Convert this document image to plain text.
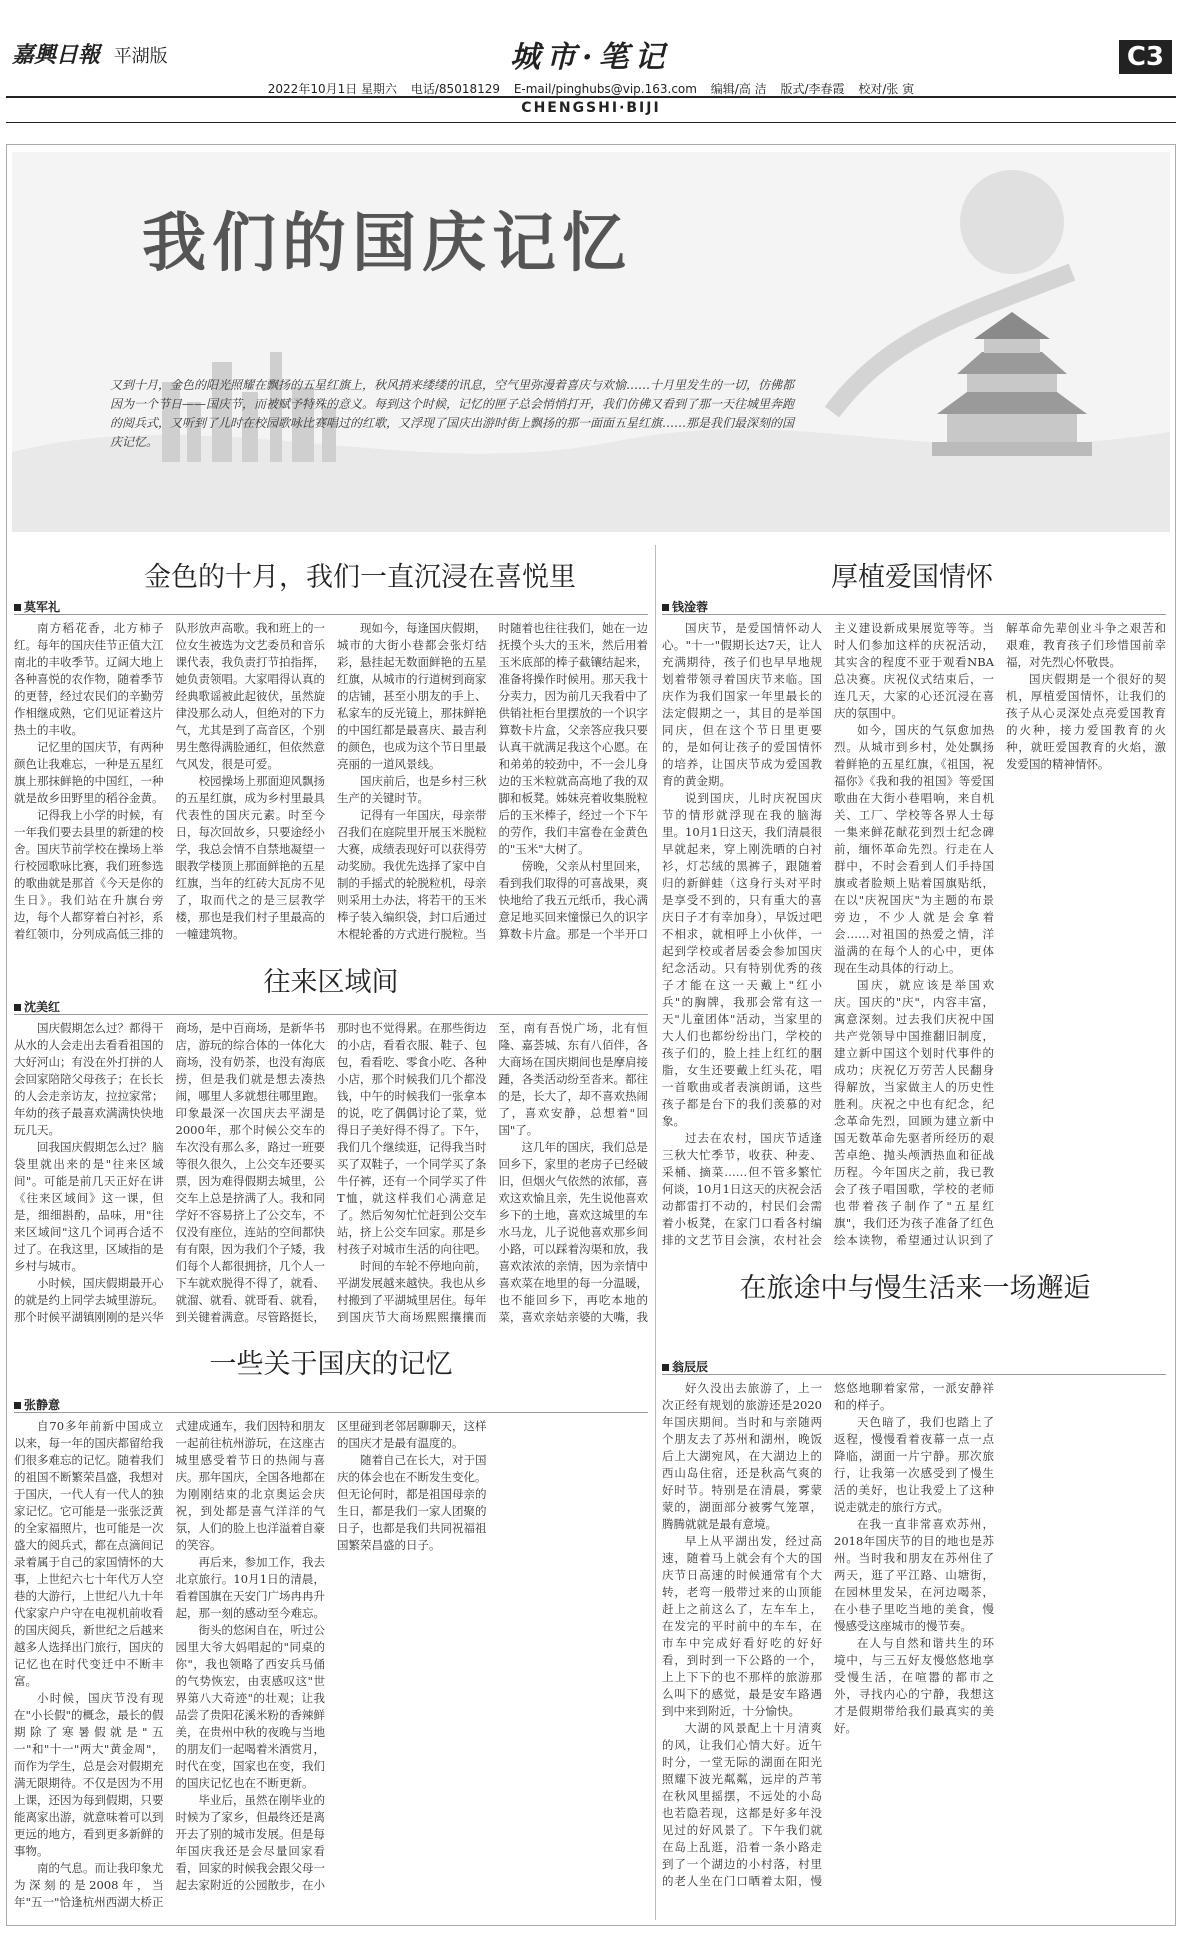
嘉興日報 平湖版	城市·笔记	C3
2022年10月1日 星期六 电话/85018129 E-mail/pinghubs@vip.163.com 编辑/高 洁 版式/李春霞 校对/张 寅
CHENGSHI·BIJI
我们的国庆记忆
又到十月，金色的阳光照耀在飘扬的五星红旗上，秋风捎来缕缕的讯息，空气里弥漫着喜庆与欢愉……十月里发生的一切，仿佛都因为一个节日——国庆节，而被赋予特殊的意义。每到这个时候，记忆的匣子总会悄悄打开，我们仿佛又看到了那一天往城里奔跑的阅兵式，又听到了儿时在校园歌咏比赛唱过的红歌，又浮现了国庆出游时街上飘扬的那一面面五星红旗……那是我们最深刻的国庆记忆。
金色的十月，我们一直沉浸在喜悦里
莫军礼

南方稻花香，北方柿子红。每年的国庆佳节正值大江南北的丰收季节。辽阔大地上各种喜悦的农作物，随着季节的更替，经过农民们的辛勤劳作相继成熟，它们见证着这片热土的丰收。

记忆里的国庆节，有两种颜色让我难忘，一种是五星红旗上那抹鲜艳的中国红，一种就是故乡田野里的稻谷金黄。

记得我上小学的时候，有一年我们要去县里的新建的校舍。国庆节前学校在操场上举行校园歌咏比赛，我们班参选的歌曲就是那首《今天是你的生日》。我们站在升旗台旁边，每个人都穿着白衬衫，系着红领巾，分列成高低三排的队形放声高歌。我和班上的一位女生被选为文艺委员和音乐课代表，我负责打节拍指挥，她负责领唱。大家唱得认真的经典歌谣被此起彼伏，虽然旋律没那么动人，但绝对的下力气，尤其是到了高音区，个别男生憋得满脸通红，但依然意气风发，很是可爱。

校园操场上那面迎风飘扬的五星红旗，成为乡村里最具代表性的国庆元素。时至今日，每次回故乡，只要途经小学，我总会情不自禁地凝望一眼教学楼顶上那面鲜艳的五星红旗，当年的红砖大瓦房不见了，取而代之的是三层教学楼，那也是我们村子里最高的一幢建筑物。

现如今，每逢国庆假期，城市的大街小巷都会张灯结彩，悬挂起无数面鲜艳的五星红旗，从城市的行道树到商家的店铺，甚至小朋友的手上、私家车的反光镜上，那抹鲜艳的中国红都是最喜庆、最吉利的颜色，也成为这个节日里最亮丽的一道风景线。

国庆前后，也是乡村三秋生产的关键时节。

记得有一年国庆，母亲带召我们在庭院里开展玉米脱粒大赛，成绩表现好可以获得劳动奖励。我优先选择了家中自制的手摇式的轮脱粒机，母亲则采用土办法，将若干的玉米棒子装入编织袋，封口后通过木棍轮番的方式进行脱粒。当时随着也往往我们，她在一边抚摸个头大的玉米，然后用着玉米底部的棒子截镶结起来，准备将操作时候用。那天我十分卖力，因为前几天我看中了供销社柜台里摆放的一个识字算数卡片盒，父亲答应我只要认真干就满足我这个心愿。在和弟弟的较劲中，不一会儿身边的玉米粒就高高地了我的双脚和板凳。姊妹亮着收集脱粒后的玉米棒子，经过一个下午的劳作，我们丰富卷在金黄色的"玉米"大树了。

傍晚，父亲从村里回来，看到我们取得的可喜战果，爽快地给了我五元纸币，我心满意足地买回来憧憬已久的识字算数卡片盒。那是一个半开口

厚植爱国情怀
钱淦蓉

国庆节，是爱国情怀动人心。"十一"假期长达7天，让人充满期待，孩子们也早早地规划着带领寻着国庆节来临。国庆作为我们国家一年里最长的法定假期之一，其目的是举国同庆，但在这个节日里更要的，是如何让孩子的爱国情怀的培养，让国庆节成为爱国教育的黄金期。

说到国庆，儿时庆祝国庆节的情形就浮现在我的脑海里。10月1日这天，我们清晨很早就起来，穿上刚洗晒的白衬衫，灯芯绒的黑裤子，跟随着归的新鲜蛙（这身行头对平时是享受不到的，只有重大的喜庆日子才有幸加身），早饭过吧不相求，就相呼上小伙伴，一起到学校或者居委会参加国庆纪念活动。只有特别优秀的孩子才能在这一天戴上"红小兵"的胸牌，我那会常有这一天"儿童团体"活动，当家里的大人们也都纷纷出门，学校的孩子们的，脸上挂上红红的胭脂，女生还要戴上红头花，唱一首歌曲或者表演朗诵，这些孩子都是台下的我们羡慕的对象。

过去在农村，国庆节适逢三秋大忙季节，收获、种麦、采桶、摘菜……但不管多繁忙何谈，10月1日这天的庆祝会活动都雷打不动的，村民们会需着小板凳，在家门口看各村编排的文艺节目会演，农村社会主义建设新成果展览等等。当时人们参加这样的庆祝活动，其实含的程度不亚于观看NBA总决赛。庆祝仪式结束后，一连几天，大家的心还沉浸在喜庆的氛围中。

如今，国庆的气氛愈加热烈。从城市到乡村，处处飘扬着鲜艳的五星红旗，《祖国，祝福你》《我和我的祖国》等爱国歌曲在大街小巷唱响，来自机关、工厂、学校等各界人士每一集来鲜花献花到烈士纪念碑前，缅怀革命先烈。行走在人群中，不时会看到人们手持国旗或者脸颊上贴着国旗贴纸，在以"庆祝国庆"为主题的布景旁边，不少人就是会拿着会……对祖国的热爱之情，洋溢满的在每个人的心中，更体现在生动具体的行动上。

国庆，就应该是举国欢庆。国庆的"庆"，内容丰富，寓意深刻。过去我们庆祝中国共产党领导中国推翻旧制度，建立新中国这个划时代事件的成功；庆祝亿万劳苦人民翻身得解放，当家做主人的历史性胜利。庆祝之中也有纪念，纪念革命先烈，回顾为建立新中国无数革命先驱者所经历的艰苦卓绝、抛头颅洒热血和征战历程。今年国庆之前，我已教会了孩子唱国歌，学校的老师也带着孩子制作了"五星红旗"，我们还为孩子准备了红色绘本读物，希望通过认识到了解革命先辈创业斗争之艰苦和艰难，教育孩子们珍惜国前幸福，对先烈心怀敬畏。

国庆假期是一个很好的契机，厚植爱国情怀，让我们的孩子从心灵深处点亮爱国教育的火种，接力爱国教育的火种，就旺爱国教育的火焰，激发爱国的精神情怀。

往来区域间
沈美红

国庆假期怎么过？都得干从水的人会走出去看看祖国的大好河山；有没在外打拼的人会回家陪陪父母孩子；在长长的人会走亲访友，拉拉家常；年幼的孩子最喜欢满满快快地玩几天。

回我国庆假期怎么过？脑袋里就出来的是"往来区域间"。可能是前几天正好在讲《往来区域间》这一课，但是，细细斟酌，品味，用"往来区域间"这几个词再合适不过了。在我这里，区域指的是乡村与城市。

小时候，国庆假期最开心的就是约上同学去城里游玩。那个时候平湖镇刚刚的是兴华商场，是中百商场，是新华书店，游玩的综合体的一体化大商场，没有奶茶，也没有海底捞，但是我们就是想去凑热闹，哪里人多就想往哪里跑。印象最深一次国庆去平湖是2000年，那个时候公交车的车次没有那么多，路过一班要等很久很久，上公交车还要买票，因为难得假期去城里，公交车上总是挤满了人。我和同学好不容易挤上了公交车，不仅没有座位，连站的空间都快有有限，因为我们个子矮，我们每个人都很拥挤，几个人一下车就欢脱得不得了，就看、就溜、就看、就哥看、就看，到关键着满意。尽管路挺长，那时也不觉得累。在那些街边的小店，看看衣服、鞋子、包包，看看吃、零食小吃、各种小店，那个时候我们几个都没钱，中午的时候我们一张拿本的说，吃了偶偶讨论了菜，觉得日子美好得不得了。下午，我们几个继续逛，记得我当时买了双鞋子，一个同学买了条牛仔裤，还有一个同学买了件T恤，就这样我们心满意足了。然后匆匆忙忙赶到公交车站，挤上公交车回家。那是乡村孩子对城市生活的向往吧。

时间的车轮不停地向前，平湖发展越来越快。我也从乡村搬到了平湖城里居住。每年到国庆节大商场熙熙攘攘而至，南有吾悦广场，北有恒隆、嘉荟城、东有八佰伴，各大商场在国庆期间也是摩肩接踵，各类活动纷至沓来。都往的是，长大了，却不喜欢热闹了，喜欢安静，总想着"回国"了。

这几年的国庆，我们总是回乡下，家里的老房子已经破旧，但烟火气依然的浓郁，喜欢这欢愉且亲，先生说他喜欢乡下的土地，喜欢这城里的车水马龙，儿子说他喜欢那乡间小路，可以踩着沟渠和放，我喜欢浓浓的亲情，因为亲情中喜欢菜在地里的每一分温暖，也不能回乡下，再吃本地的菜，喜欢亲姑亲婆的大嘴，我

在旅途中与慢生活来一场邂逅
翁辰辰

好久没出去旅游了，上一次正经有规划的旅游还是2020年国庆期间。当时和与亲随两个朋友去了苏州和湖州，晚饭后上大湖宛风，在大湖边上的西山岛住宿，还是秋高气爽的好时节。特别是在清晨，雾蒙蒙的，湖面部分被雾气笼罩，腾腾就就是最有意境。

早上从平湖出发，经过高速，随着马上就会有个大的国庆节日高速的时候通常有个大转，老弯一般带过来的山顶能赶上之前这么了，左车车上，在发完的平时前中的车车，在市车中完成好看好吃的好好看，到时到一下公路的一个，上上下下的也不那样的旅游那么叫下的感觉，最是安车路遇到中来到附近，十分愉快。

大湖的风景配上十月清爽的风，让我们心情大好。近午时分，一堂无际的湖面在阳光照耀下波光粼粼，远岸的芦苇在秋风里摇摆，不远处的小岛也若隐若现，这都是好多年没见过的好风景了。下午我们就在岛上乱逛，沿着一条小路走到了一个湖边的小村落，村里的老人坐在门口晒着太阳，慢悠悠地聊着家常，一派安静祥和的样子。

天色暗了，我们也踏上了返程，慢慢看着夜幕一点一点降临，湖面一片宁静。那次旅行，让我第一次感受到了慢生活的美好，也让我爱上了这种说走就走的旅行方式。

在我一直非常喜欢苏州，2018年国庆节的目的地也是苏州。当时我和朋友在苏州住了两天，逛了平江路、山塘街，在园林里发呆，在河边喝茶，在小巷子里吃当地的美食，慢慢感受这座城市的慢节奏。

在人与自然和谐共生的环境中，与三五好友慢悠悠地享受慢生活，在喧嚣的都市之外，寻找内心的宁静，我想这才是假期带给我们最真实的美好。

一些关于国庆的记忆
张静意

自70多年前新中国成立以来，每一年的国庆都留给我们很多难忘的记忆。随着我们的祖国不断繁荣昌盛，我想对于国庆，一代人有一代人的独家记忆。它可能是一张张泛黄的全家福照片，也可能是一次盛大的阅兵式，都在点滴间记录着属于自己的家国情怀的大事，上世纪六七十年代万人空巷的大游行，上世纪八九十年代家家户户守在电视机前收看的国庆阅兵，新世纪之后越来越多人选择出门旅行，国庆的记忆也在时代变迁中不断丰富。

小时候，国庆节没有现在"小长假"的概念，最长的假期除了寒暑假就是"五一"和"十一"两大"黄金周"，而作为学生，总是会对假期充满无限期待。不仅是因为不用上课，还因为每到假期，只要能离家出游，就意味着可以到更远的地方，看到更多新鲜的事物。

南的气息。而让我印象尤为深刻的是2008年，当年"五一"恰逢杭州西湖大桥正式建成通车，我们因特和朋友一起前往杭州游玩，在这座古城里感受着节日的热闹与喜庆。那年国庆，全国各地都在为刚刚结束的北京奥运会庆祝，到处都是喜气洋洋的气氛，人们的脸上也洋溢着自豪的笑容。

再后来，参加工作，我去北京旅行。10月1日的清晨，看着国旗在天安门广场冉冉升起，那一刻的感动至今难忘。

街头的悠闲自在，听过公园里大爷大妈唱起的"同桌的你"，我也领略了西安兵马俑的气势恢宏，由衷感叹这"世界第八大奇迹"的壮观；让我品尝了贵阳花溪米粉的香辣鲜美，在贵州中秋的夜晚与当地的朋友们一起喝着米酒赏月，时代在变，国家也在变，我们的国庆记忆也在不断更新。

毕业后，虽然在刚毕业的时候为了家乡，但最终还是离开去了别的城市发展。但是每年国庆我还是会尽量回家看看，回家的时候我会跟父母一起去家附近的公园散步，在小区里碰到老邻居聊聊天，这样的国庆才是最有温度的。

随着自己在长大，对于国庆的体会也在不断发生变化。但无论何时，都是祖国母亲的生日，都是我们一家人团聚的日子，也都是我们共同祝福祖国繁荣昌盛的日子。
